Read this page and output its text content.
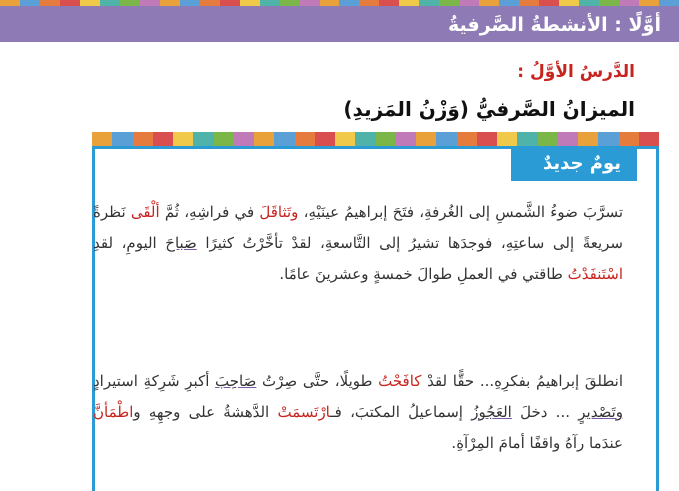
أوَّلًا : الأنشطةُ الصَّرفيةُ
الدَّرسُ الأوَّلُ :
الميزانُ الصَّرفيُّ (وَزْنُ المَزيدِ)
يومٌ جديدٌ
تسرَّبَ ضوءُ الشَّمسِ إلى الغُرفةِ، فتَحَ إبراهيمُ عينَيْهِ، وتَثاقَلَ في فراشِهِ، ثُمَّ ألْقَى نَظرةً سريعةً إلى ساعتِهِ، فوجدَها تشيرُ إلى التَّاسعةِ، لقدْ تأخَّرْتُ كثيرًا صَباحَ اليومِ، لقدِ اسْتَنفَدْتُ طاقتي في العملِ طوالَ خمسةٍ وعشرينَ عامًا.
انطلقَ إبراهيمُ بفكرِهِ... حقًّا لقدْ كافَحْتُ طويلًا، حتَّى صِرْتُ صَاحِبَ أكبرِ شَرِكةِ استيرادٍ وتَصْديرٍ ... دخلَ العَجُوزُ إسماعيلُ المكتبَ، فـارْتَسمَتْ الدَّهشةُ على وجهِهِ واطْمَأنَّ عندَما رآهُ واقفًا أمامَ المِرْآةِ.
